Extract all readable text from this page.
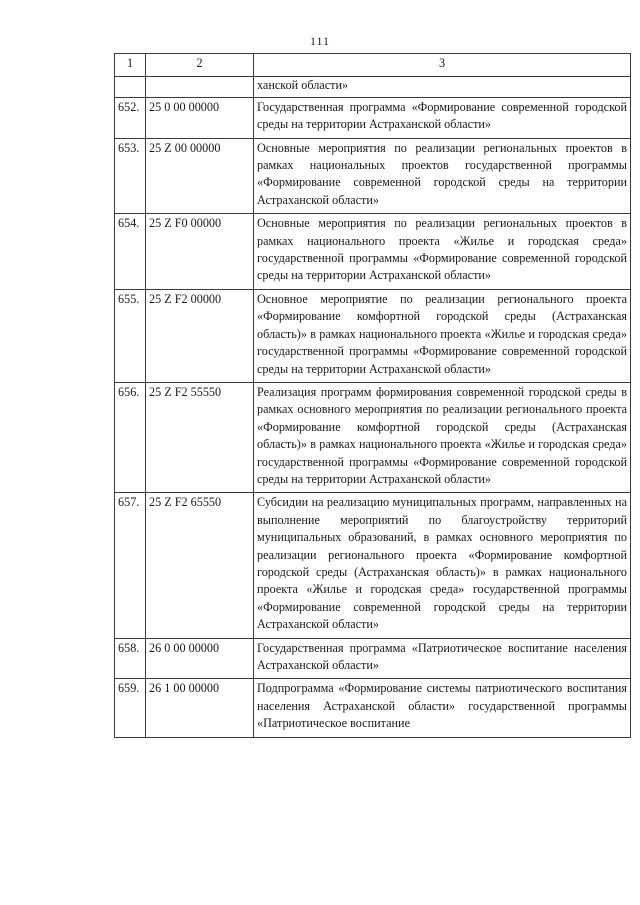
111
1	2	3
		ханской области»
652.	25 0 00 00000	Государственная программа «Формирование современной городской среды на территории Астраханской области»
653.	25 Z 00 00000	Основные мероприятия по реализации региональных проектов в рамках национальных проектов государственной программы «Формирование современной городской среды на территории Астраханской области»
654.	25 Z F0 00000	Основные мероприятия по реализации региональных проектов в рамках национального проекта «Жилье и городская среда» государственной программы «Формирование современной городской среды на территории Астраханской области»
655.	25 Z F2 00000	Основное мероприятие по реализации регионального проекта «Формирование комфортной городской среды (Астраханская область)» в рамках национального проекта «Жилье и городская среда» государственной программы «Формирование современной городской среды на территории Астраханской области»
656.	25 Z F2 55550	Реализация программ формирования современной городской среды в рамках основного мероприятия по реализации регионального проекта «Формирование комфортной городской среды (Астраханская область)» в рамках национального проекта «Жилье и городская среда» государственной программы «Формирование современной городской среды на территории Астраханской области»
657.	25 Z F2 65550	Субсидии на реализацию муниципальных программ, направленных на выполнение мероприятий по благоустройству территорий муниципальных образований, в рамках основного мероприятия по реализации регионального проекта «Формирование комфортной городской среды (Астраханская область)» в рамках национального проекта «Жилье и городская среда» государственной программы «Формирование современной городской среды на территории Астраханской области»
658.	26 0 00 00000	Государственная программа «Патриотическое воспитание населения Астраханской области»
659.	26 1 00 00000	Подпрограмма «Формирование системы патриотического воспитания населения Астраханской области» государственной программы «Патриотическое воспитание
